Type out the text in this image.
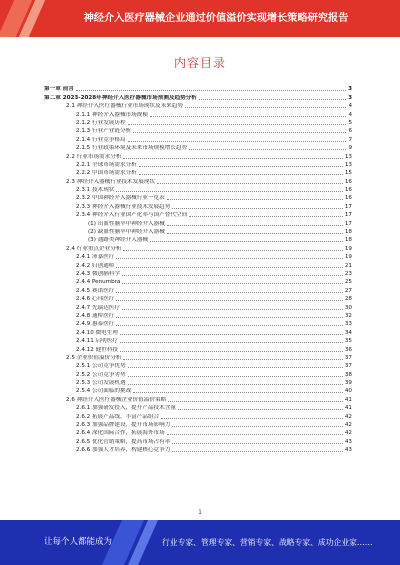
神经介入医疗器械企业通过价值溢价实现增长策略研究报告
内容目录
第一章 前言	3
第二章 2023-2028年神经介入医疗器械市场预测及趋势分析	3
2.1 神经介入医疗器械行业市场现状及未来趋势	4
2.1.1 神经介入器械市场规模	4
2.1.2 行业发展历程	5
2.1.3 行业产业链分析	6
2.1.4 行业竞争格局	7
2.1.5 行业政策环境及未来市场规模增长趋势	9
2.2 行业市场需求分析	13
2.2.1 全球市场需求分析	13
2.2.2 中国市场需求分析	15
2.3 神经介入器械行业技术发展现状	16
2.3.1 技术现状	16
2.3.2 中国神经介入器械行业一览表	16
2.3.3 神经介入器械行业技术发展趋势	17
2.3.4 神经介入行业国产化率与国产替代空间	17
(1) 出血性脑卒中神经介入器械	17
(2) 缺血性脑卒中神经介入器械	18
(3) 通路类神经介入器械	18
2.4 行业重点企业分析	19
2.4.1 沛嘉医疗	19
2.4.2 归创通桥	21
2.4.3 微创脑科学	23
2.4.4 Penumbra	25
2.4.5 赛诺医疗	27
2.4.6 心玮医疗	28
2.4.7 先瑞达医疗	30
2.4.8 通桥医疗	32
2.4.9 惠泰医疗	33
2.4.10 微电生理	34
2.4.11 启明医疗	35
2.4.12 健世科技	36
2.5 企业价值溢价分析	37
2.5.1 公司竞争优势	37
2.5.2 公司竞争劣势	38
2.5.3 公司发展机遇	39
2.5.4 公司面临的挑战	40
2.6 神经介入医疗器械企业价值溢价策略	41
2.6.1 加强研发投入，提升产品技术含量	41
2.6.2 拓展产品线，丰富产品组合	42
2.6.3 加强品牌建设，提升市场影响力	42
2.6.4 深化国际合作，拓展海外市场	42
2.6.5 优化营销策略，提高市场占有率	43
2.6.6 加强人才培养，构建核心竞争力	43
1
让每个人都能成为	行业专家、管理专家、营销专家、战略专家、成功企业家……
